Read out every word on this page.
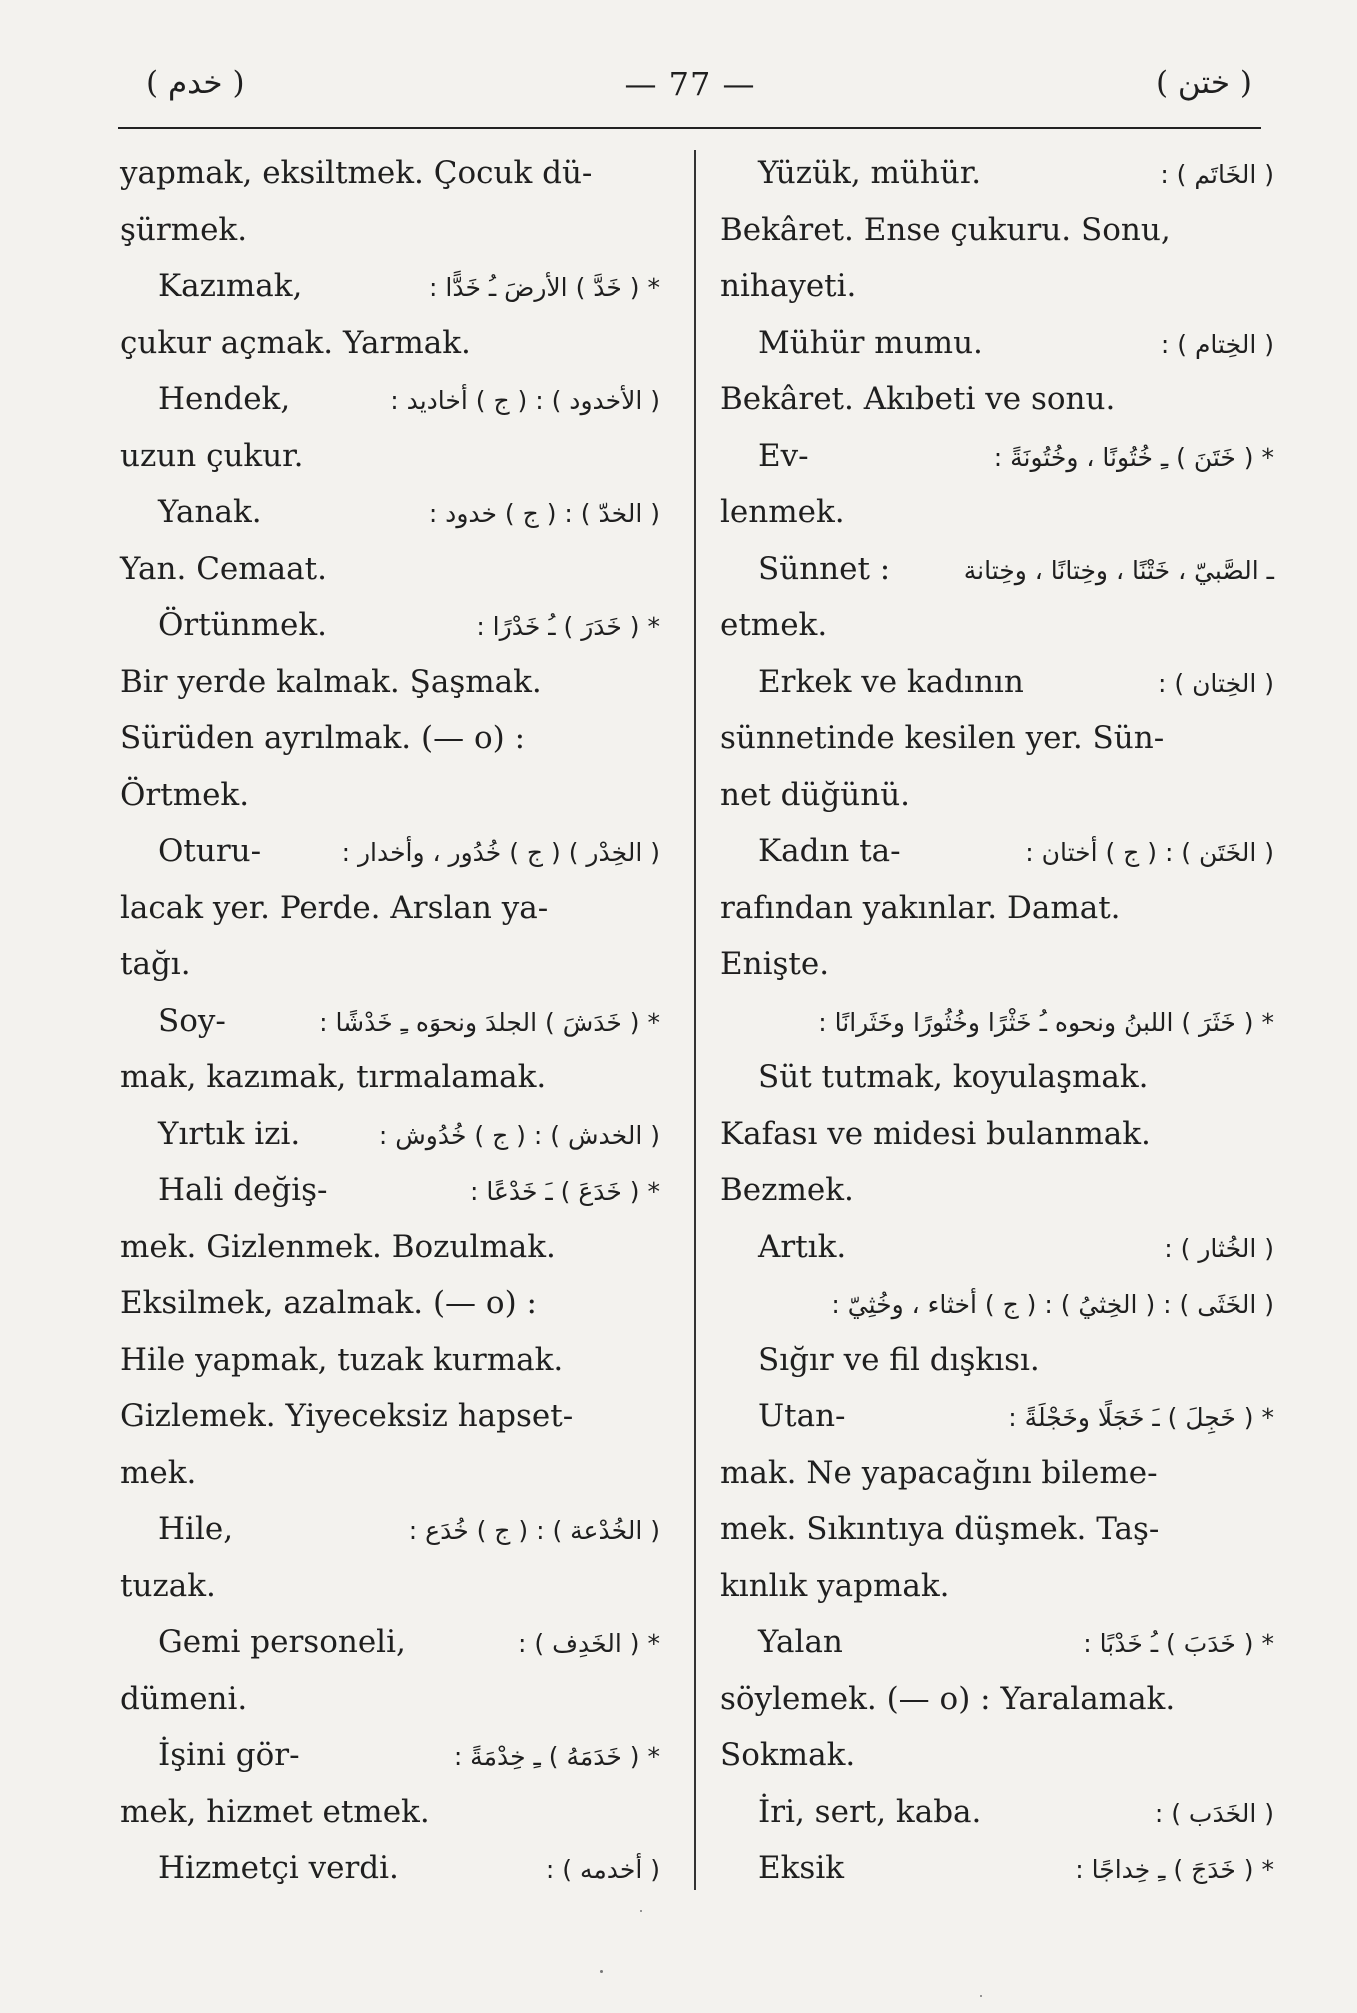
( خدم )	— 77 —	( ختن )
yapmak, eksiltmek. Çocuk dü-
şürmek.
Kazımak,	* ( خَدَّ ) الأرضَ ـُ خَدًّا :
çukur açmak. Yarmak.
Hendek,	( الأخدود ) : ( ج ) أخاديد :
uzun çukur.
Yanak.	( الخدّ ) : ( ج ) خدود :
Yan. Cemaat.
Örtünmek.	* ( خَدَرَ ) ـُ خَدْرًا :
Bir yerde kalmak. Şaşmak.
Sürüden ayrılmak. (— o) :
Örtmek.
Oturu-	( الخِدْر ) ( ج ) خُدُور ، وأخدار :
lacak yer. Perde. Arslan ya-
tağı.
Soy-	* ( خَدَشَ ) الجلدَ ونحوَه ـِ خَدْشًا :
mak, kazımak, tırmalamak.
Yırtık izi.	( الخدش ) : ( ج ) خُدُوش :
Hali değiş-	* ( خَدَعَ ) ـَ خَدْعًا :
mek. Gizlenmek. Bozulmak.
Eksilmek, azalmak. (— o) :
Hile yapmak, tuzak kurmak.
Gizlemek. Yiyeceksiz hapset-
mek.
Hile,	( الخُدْعة ) : ( ج ) خُدَع :
tuzak.
Gemi personeli,	* ( الخَدِف ) :
dümeni.
İşini gör-	* ( خَدَمَهُ ) ـِ خِدْمَةً :
mek, hizmet etmek.
Hizmetçi verdi.	( أخدمه ) :
Yüzük, mühür.	( الخَاتَم ) :
Bekâret. Ense çukuru. Sonu,
nihayeti.
Mühür mumu.	( الخِتام ) :
Bekâret. Akıbeti ve sonu.
Ev-	* ( خَتَنَ ) ـِ خُتُونًا ، وخُتُونَةً :
lenmek.
Sünnet :	ـ الصَّبيّ ، خَتْنًا ، وخِتانًا ، وخِتانة
etmek.
Erkek ve kadının	( الخِتان ) :
sünnetinde kesilen yer. Sün-
net düğünü.
Kadın ta-	( الخَتَن ) : ( ج ) أختان :
rafından yakınlar. Damat.
Enişte.
* ( خَثَرَ ) اللبنُ ونحوه ـُ خَثْرًا وخُثُورًا وخَثَرانًا :
Süt tutmak, koyulaşmak.
Kafası ve midesi bulanmak.
Bezmek.
Artık.	( الخُثار ) :
( الخَثَى ) : ( الخِثيُ ) : ( ج ) أخثاء ، وخُثِيّ :
Sığır ve fil dışkısı.
Utan-	* ( خَجِلَ ) ـَ خَجَلًا وخَجْلَةً :
mak. Ne yapacağını bileme-
mek. Sıkıntıya düşmek. Taş-
kınlık yapmak.
Yalan	* ( خَدَبَ ) ـُ خَدْبًا :
söylemek. (— o) : Yaralamak.
Sokmak.
İri, sert, kaba.	( الخَدَب ) :
Eksik	* ( خَدَجَ ) ـِ خِداجًا :
